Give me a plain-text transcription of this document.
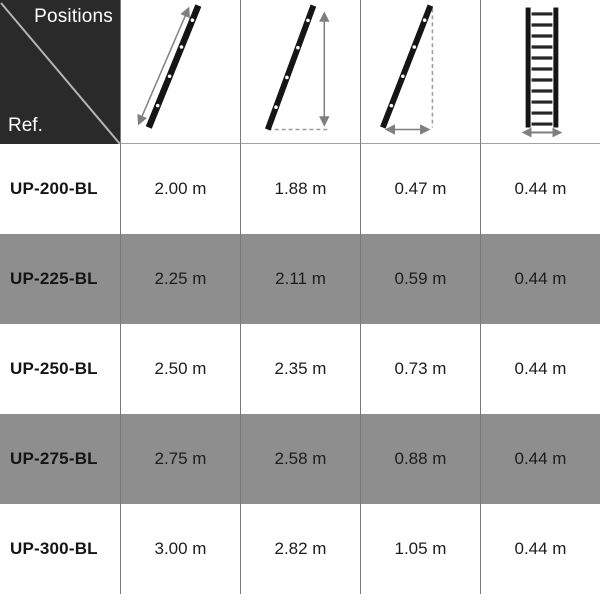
Positions
Ref.
UP-200-BL	2.00 m	1.88 m	0.47 m	0.44 m
UP-225-BL	2.25 m	2.11 m	0.59 m	0.44 m
UP-250-BL	2.50 m	2.35 m	0.73 m	0.44 m
UP-275-BL	2.75 m	2.58 m	0.88 m	0.44 m
UP-300-BL	3.00 m	2.82 m	1.05 m	0.44 m
